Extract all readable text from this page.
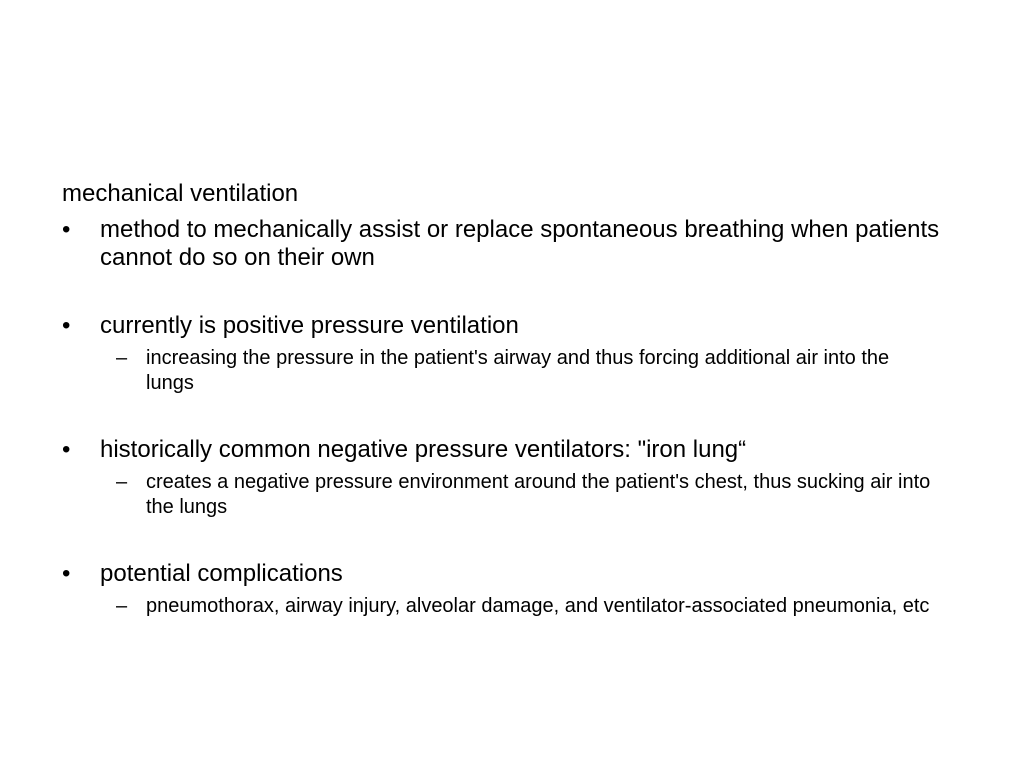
mechanical ventilation
• method to mechanically assist or replace spontaneous breathing when patients cannot do so on their own
• currently is positive pressure ventilation
– increasing the pressure in the patient's airway and thus forcing additional air into the lungs
• historically common negative pressure ventilators: "iron lung“
– creates a negative pressure environment around the patient's chest, thus sucking air into the lungs
• potential complications
– pneumothorax, airway injury, alveolar damage, and ventilator-associated pneumonia, etc
